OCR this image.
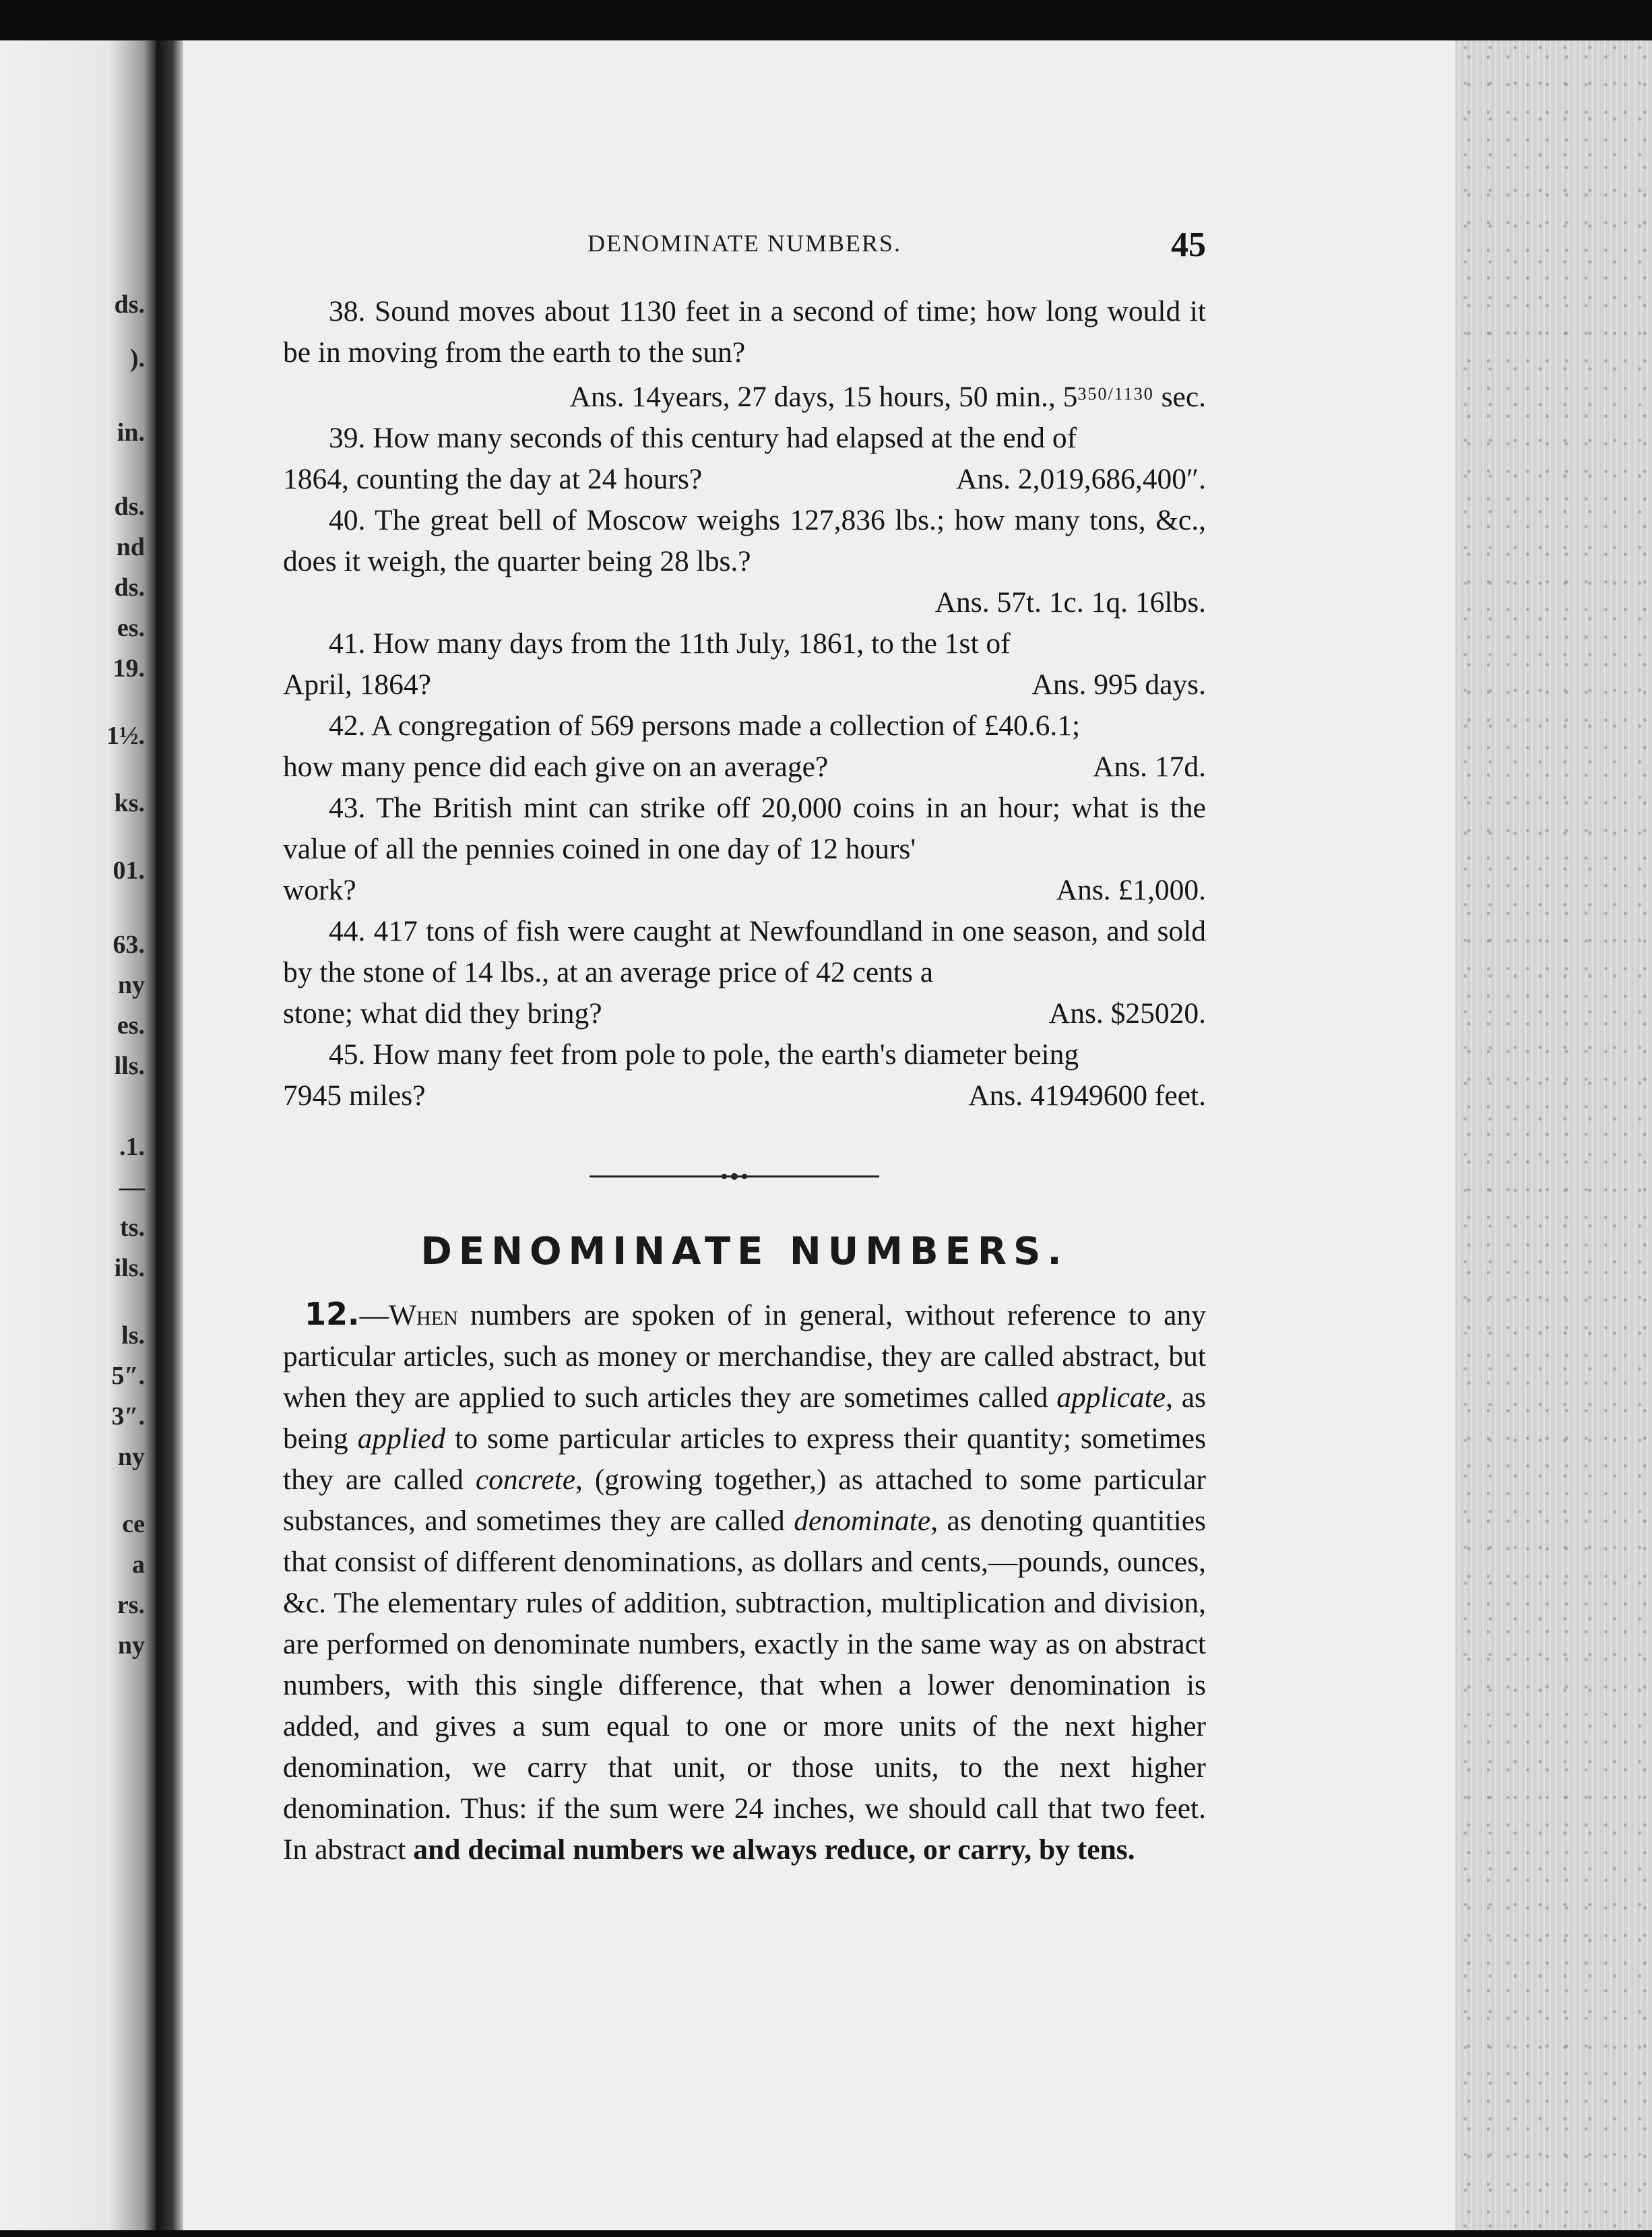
ds.
).
in.
ds.
nd
ds.
es.
19.
1½.
ks.
01.
63.
ny
es.
lls.
.1.
—
ts.
ils.
ls.
5″.
3″.
ny
ce
a
rs.
ny
DENOMINATE NUMBERS.	45

38. Sound moves about 1130 feet in a second of time; how long would it be in moving from the earth to the sun?

Ans. 14years, 27 days, 15 hours, 50 min., $5^{350/1130}$ sec.

39. How many seconds of this century had elapsed at the end of

1864, counting the day at 24 hours?	Ans. 2,019,686,400″.

40. The great bell of Moscow weighs 127,836 lbs.; how many tons, &c., does it weigh, the quarter being 28 lbs.?

Ans. 57t. 1c. 1q. 16lbs.

41. How many days from the 11th July, 1861, to the 1st of

April, 1864?	Ans. 995 days.

42. A congregation of 569 persons made a collection of £40.6.1;

how many pence did each give on an average?	Ans. 17d.

43. The British mint can strike off 20,000 coins in an hour; what is the value of all the pennies coined in one day of 12 hours'

work?	Ans. £1,000.

44. 417 tons of fish were caught at Newfoundland in one season, and sold by the stone of 14 lbs., at an average price of 42 cents a

stone; what did they bring?	Ans. $25020.

45. How many feet from pole to pole, the earth's diameter being

7945 miles?	Ans. 41949600 feet.
DENOMINATE NUMBERS.
12.—When numbers are spoken of in general, without reference to any particular articles, such as money or merchandise, they are called abstract, but when they are applied to such articles they are sometimes called applicate, as being applied to some particular articles to express their quantity; sometimes they are called concrete, (growing together,) as attached to some particular substances, and sometimes they are called denominate, as denoting quantities that consist of different denominations, as dollars and cents,—pounds, ounces, &c. The elementary rules of addition, subtraction, multiplication and division, are performed on denominate numbers, exactly in the same way as on abstract numbers, with this single difference, that when a lower denomination is added, and gives a sum equal to one or more units of the next higher denomination, we carry that unit, or those units, to the next higher denomination. Thus: if the sum were 24 inches, we should call that two feet. In abstract and decimal numbers we always reduce, or carry, by tens.
